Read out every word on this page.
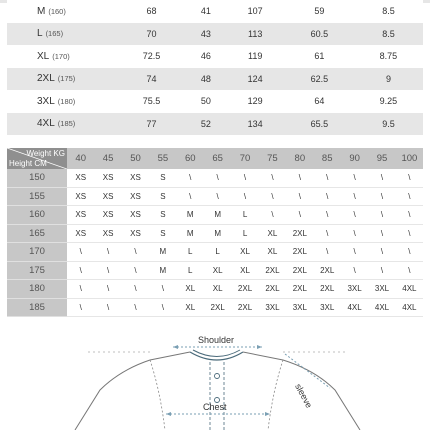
M (160)	68	41	107	59	8.5
L (165)	70	43	113	60.5	8.5
XL (170)	72.5	46	119	61	8.75
2XL (175)	74	48	124	62.5	9
3XL (180)	75.5	50	129	64	9.25
4XL (185)	77	52	134	65.5	9.5
Weight KG
Height CM	40	45	50	55	60	65	70	75	80	85	90	95	100
150	XS	XS	XS	S	\	\	\	\	\	\	\	\	\
155	XS	XS	XS	S	\	\	\	\	\	\	\	\	\
160	XS	XS	XS	S	M	M	L	\	\	\	\	\	\
165	XS	XS	XS	S	M	M	L	XL	2XL	\	\	\	\
170	\	\	\	M	L	L	XL	XL	2XL	\	\	\	\
175	\	\	\	M	L	XL	XL	2XL	2XL	2XL	\	\	\
180	\	\	\	\	XL	XL	2XL	2XL	2XL	2XL	3XL	3XL	4XL
185	\	\	\	\	XL	2XL	2XL	3XL	3XL	3XL	4XL	4XL	4XL
Shoulder
Chest	sleeve
